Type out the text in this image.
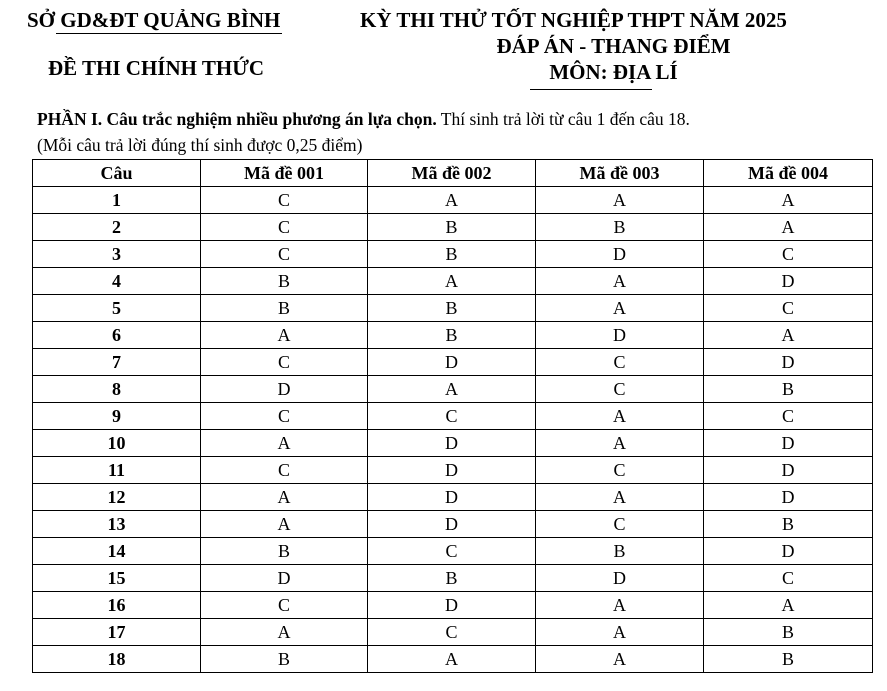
SỞ GD&ĐT QUẢNG BÌNH
ĐỀ THI CHÍNH THỨC
KỲ THI THỬ TỐT NGHIỆP THPT NĂM 2025
ĐÁP ÁN - THANG ĐIỂM
MÔN: ĐỊA LÍ
PHẦN I. Câu trắc nghiệm nhiều phương án lựa chọn. Thí sinh trả lời từ câu 1 đến câu 18.
(Mỗi câu trả lời đúng thí sinh được 0,25 điểm)
Câu	Mã đề 001	Mã đề 002	Mã đề 003	Mã đề 004
1	C	A	A	A
2	C	B	B	A
3	C	B	D	C
4	B	A	A	D
5	B	B	A	C
6	A	B	D	A
7	C	D	C	D
8	D	A	C	B
9	C	C	A	C
10	A	D	A	D
11	C	D	C	D
12	A	D	A	D
13	A	D	C	B
14	B	C	B	D
15	D	B	D	C
16	C	D	A	A
17	A	C	A	B
18	B	A	A	B
